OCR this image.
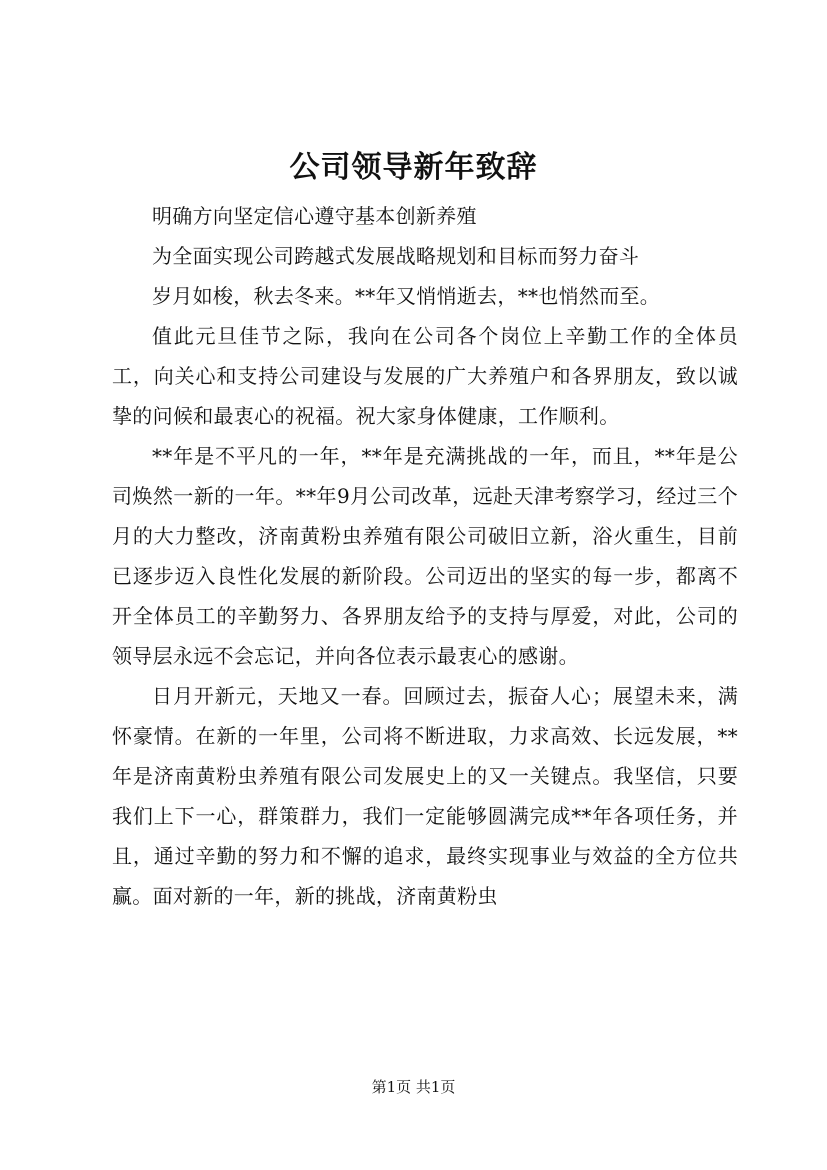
公司领导新年致辞
明确方向坚定信心遵守基本创新养殖
为全面实现公司跨越式发展战略规划和目标而努力奋斗
岁月如梭，秋去冬来。**年又悄悄逝去，**也悄然而至。

值此元旦佳节之际，我向在公司各个岗位上辛勤工作的全体员工，向关心和支持公司建设与发展的广大养殖户和各界朋友，致以诚挚的问候和最衷心的祝福。祝大家身体健康，工作顺利。

**年是不平凡的一年，**年是充满挑战的一年，而且，**年是公司焕然一新的一年。**年9月公司改革，远赴天津考察学习，经过三个月的大力整改，济南黄粉虫养殖有限公司破旧立新，浴火重生，目前已逐步迈入良性化发展的新阶段。公司迈出的坚实的每一步，都离不开全体员工的辛勤努力、各界朋友给予的支持与厚爱，对此，公司的领导层永远不会忘记，并向各位表示最衷心的感谢。

日月开新元，天地又一春。回顾过去，振奋人心；展望未来，满怀豪情。在新的一年里，公司将不断进取，力求高效、长远发展，**年是济南黄粉虫养殖有限公司发展史上的又一关键点。我坚信，只要我们上下一心，群策群力，我们一定能够圆满完成**年各项任务，并且，通过辛勤的努力和不懈的追求，最终实现事业与效益的全方位共赢。面对新的一年，新的挑战，济南黄粉虫

第1页 共1页
